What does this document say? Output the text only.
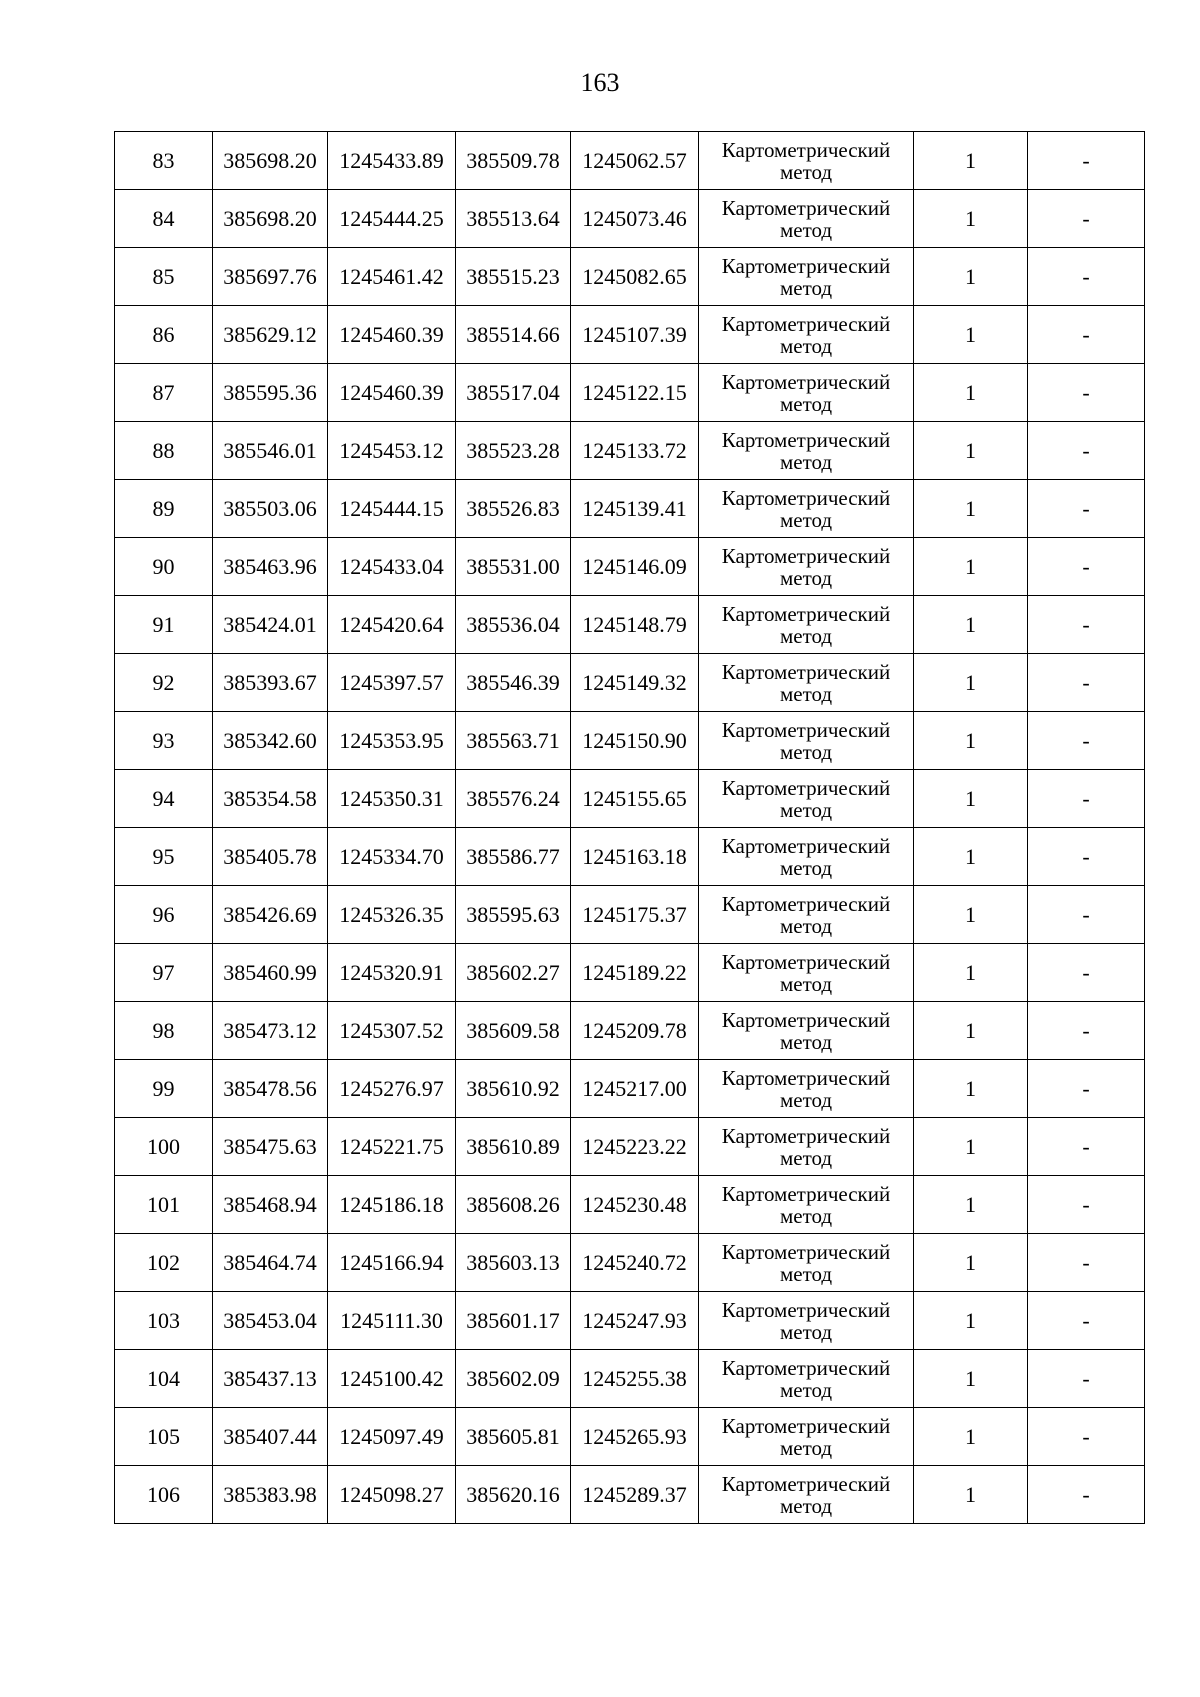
163
83	385698.20	1245433.89	385509.78	1245062.57	Картометрический
метод	1	-
84	385698.20	1245444.25	385513.64	1245073.46	Картометрический
метод	1	-
85	385697.76	1245461.42	385515.23	1245082.65	Картометрический
метод	1	-
86	385629.12	1245460.39	385514.66	1245107.39	Картометрический
метод	1	-
87	385595.36	1245460.39	385517.04	1245122.15	Картометрический
метод	1	-
88	385546.01	1245453.12	385523.28	1245133.72	Картометрический
метод	1	-
89	385503.06	1245444.15	385526.83	1245139.41	Картометрический
метод	1	-
90	385463.96	1245433.04	385531.00	1245146.09	Картометрический
метод	1	-
91	385424.01	1245420.64	385536.04	1245148.79	Картометрический
метод	1	-
92	385393.67	1245397.57	385546.39	1245149.32	Картометрический
метод	1	-
93	385342.60	1245353.95	385563.71	1245150.90	Картометрический
метод	1	-
94	385354.58	1245350.31	385576.24	1245155.65	Картометрический
метод	1	-
95	385405.78	1245334.70	385586.77	1245163.18	Картометрический
метод	1	-
96	385426.69	1245326.35	385595.63	1245175.37	Картометрический
метод	1	-
97	385460.99	1245320.91	385602.27	1245189.22	Картометрический
метод	1	-
98	385473.12	1245307.52	385609.58	1245209.78	Картометрический
метод	1	-
99	385478.56	1245276.97	385610.92	1245217.00	Картометрический
метод	1	-
100	385475.63	1245221.75	385610.89	1245223.22	Картометрический
метод	1	-
101	385468.94	1245186.18	385608.26	1245230.48	Картометрический
метод	1	-
102	385464.74	1245166.94	385603.13	1245240.72	Картометрический
метод	1	-
103	385453.04	1245111.30	385601.17	1245247.93	Картометрический
метод	1	-
104	385437.13	1245100.42	385602.09	1245255.38	Картометрический
метод	1	-
105	385407.44	1245097.49	385605.81	1245265.93	Картометрический
метод	1	-
106	385383.98	1245098.27	385620.16	1245289.37	Картометрический
метод	1	-
